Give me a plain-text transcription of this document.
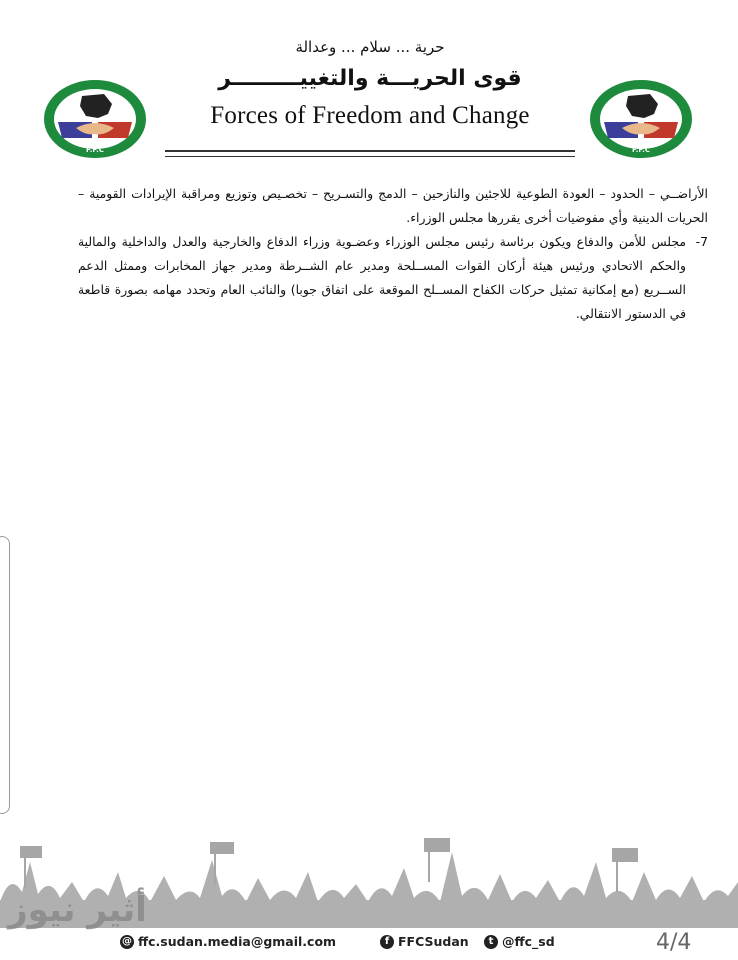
F.F.C	F.F.C
حرية ... سلام ... وعدالة
قوى الحريـــة والتغييـــــــــر
Forces of Freedom and Change

الأراضــي – الحدود – العودة الطوعية للاجئين والنازحين – الدمج والتسـريح – تخصـيص وتوزيع ومراقبة الإيرادات القومية – الحريات الدينية وأي مفوضيات أخرى يقررها مجلس الوزراء.

-7
مجلس للأمن والدفاع ويكون برئاسة رئيس مجلس الوزراء وعضـوية وزراء الدفاع والخارجية والعدل والداخلية والمالية والحكم الاتحادي ورئيس هيئة أركان القوات المســلحة ومدير عام الشــرطة ومدير جهاز المخابرات وممثل الدعم الســريع (مع إمكانية تمثيل حركات الكفاح المســلح الموقعة على اتفاق جوبا) والنائب العام وتحدد مهامه بصورة قاطعة في الدستور الانتقالي.
أثير نيوز
@ ffc.sudan.media@gmail.com	f FFCSudan	t @ffc_sd	4/4
